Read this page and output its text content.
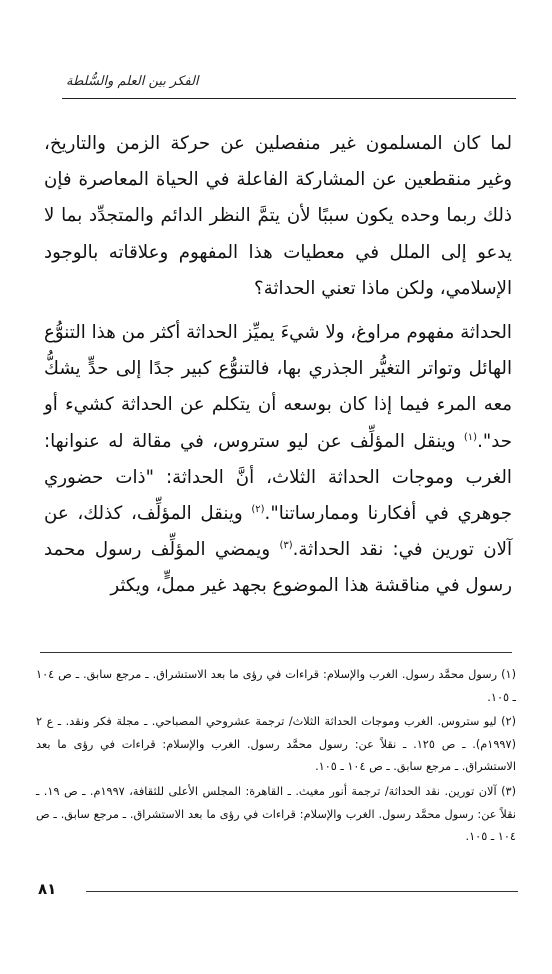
الفكر بين العلم والسُّلطة

لما كان المسلمون غير منفصلين عن حركة الزمن والتاريخ، وغير منقطعين عن المشاركة الفاعلة في الحياة المعاصرة فإن ذلك ربما وحده يكون سببًا لأن يتمَّ النظر الدائم والمتجدِّد بما لا يدعو إلى الملل في معطيات هذا المفهوم وعلاقاته بالوجود الإسلامي، ولكن ماذا تعني الحداثة؟

الحداثة مفهوم مراوغ، ولا شيءَ يميِّز الحداثة أكثر من هذا التنوُّع الهائل وتواتر التغيُّر الجذري بها، فالتنوُّع كبير جدًا إلى حدٍّ يشكُّ معه المرء فيما إذا كان بوسعه أن يتكلم عن الحداثة كشيء أو حد".$^{(١)}$ وينقل المؤلِّف عن ليو ستروس، في مقالة له عنوانها: الغرب وموجات الحداثة الثلاث، أنَّ الحداثة: "ذات حضوري جوهري في أفكارنا وممارساتنا".$^{(٢)}$ وينقل المؤلِّف، كذلك، عن آلان تورين في: نقد الحداثة.$^{(٣)}$ ويمضي المؤلِّف رسول محمد رسول في مناقشة هذا الموضوع بجهد غير مملٍّ، ويكثر

(١) رسول محمَّد رسول. الغرب والإسلام: قراءات في رؤى ما بعد الاستشراق. ـ مرجع سابق. ـ ص ١٠٤ ـ ١٠٥.

(٢) ليو ستروس. الغرب وموجات الحداثة الثلاث/ ترجمة عشروحي المصباحي. ـ مجلة فكر ونقد. ـ ع ٢ (١٩٩٧م). ـ ص ١٢٥. ـ نقلاً عن: رسول محمَّد رسول. الغرب والإسلام: قراءات في رؤى ما بعد الاستشراق. ـ مرجع سابق. ـ ص ١٠٤ ـ ١٠٥.

(٣) آلان تورين. نقد الحداثة/ ترجمة أنور مغيث. ـ القاهرة: المجلس الأعلى للثقافة، ١٩٩٧م. ـ ص ١٩. ـ نقلاً عن: رسول محمَّد رسول. الغرب والإسلام: قراءات في رؤى ما بعد الاستشراق. ـ مرجع سابق. ـ ص ١٠٤ ـ ١٠٥.

٨١
